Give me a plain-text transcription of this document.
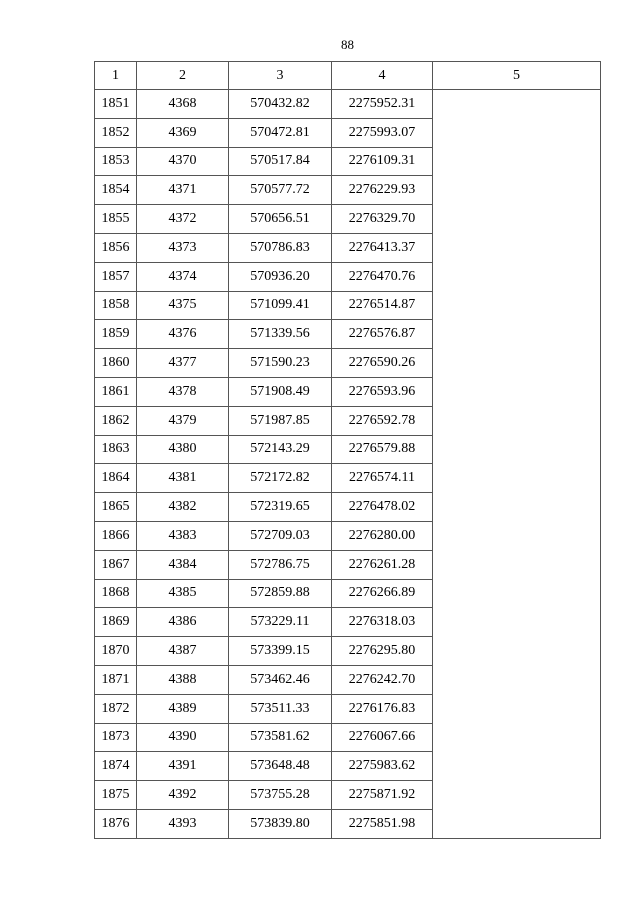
88
1	2	3	4	5
1851	4368	570432.82	2275952.31	
1852	4369	570472.81	2275993.07	
1853	4370	570517.84	2276109.31	
1854	4371	570577.72	2276229.93	
1855	4372	570656.51	2276329.70	
1856	4373	570786.83	2276413.37	
1857	4374	570936.20	2276470.76	
1858	4375	571099.41	2276514.87	
1859	4376	571339.56	2276576.87	
1860	4377	571590.23	2276590.26	
1861	4378	571908.49	2276593.96	
1862	4379	571987.85	2276592.78	
1863	4380	572143.29	2276579.88	
1864	4381	572172.82	2276574.11	
1865	4382	572319.65	2276478.02	
1866	4383	572709.03	2276280.00	
1867	4384	572786.75	2276261.28	
1868	4385	572859.88	2276266.89	
1869	4386	573229.11	2276318.03	
1870	4387	573399.15	2276295.80	
1871	4388	573462.46	2276242.70	
1872	4389	573511.33	2276176.83	
1873	4390	573581.62	2276067.66	
1874	4391	573648.48	2275983.62	
1875	4392	573755.28	2275871.92	
1876	4393	573839.80	2275851.98	
